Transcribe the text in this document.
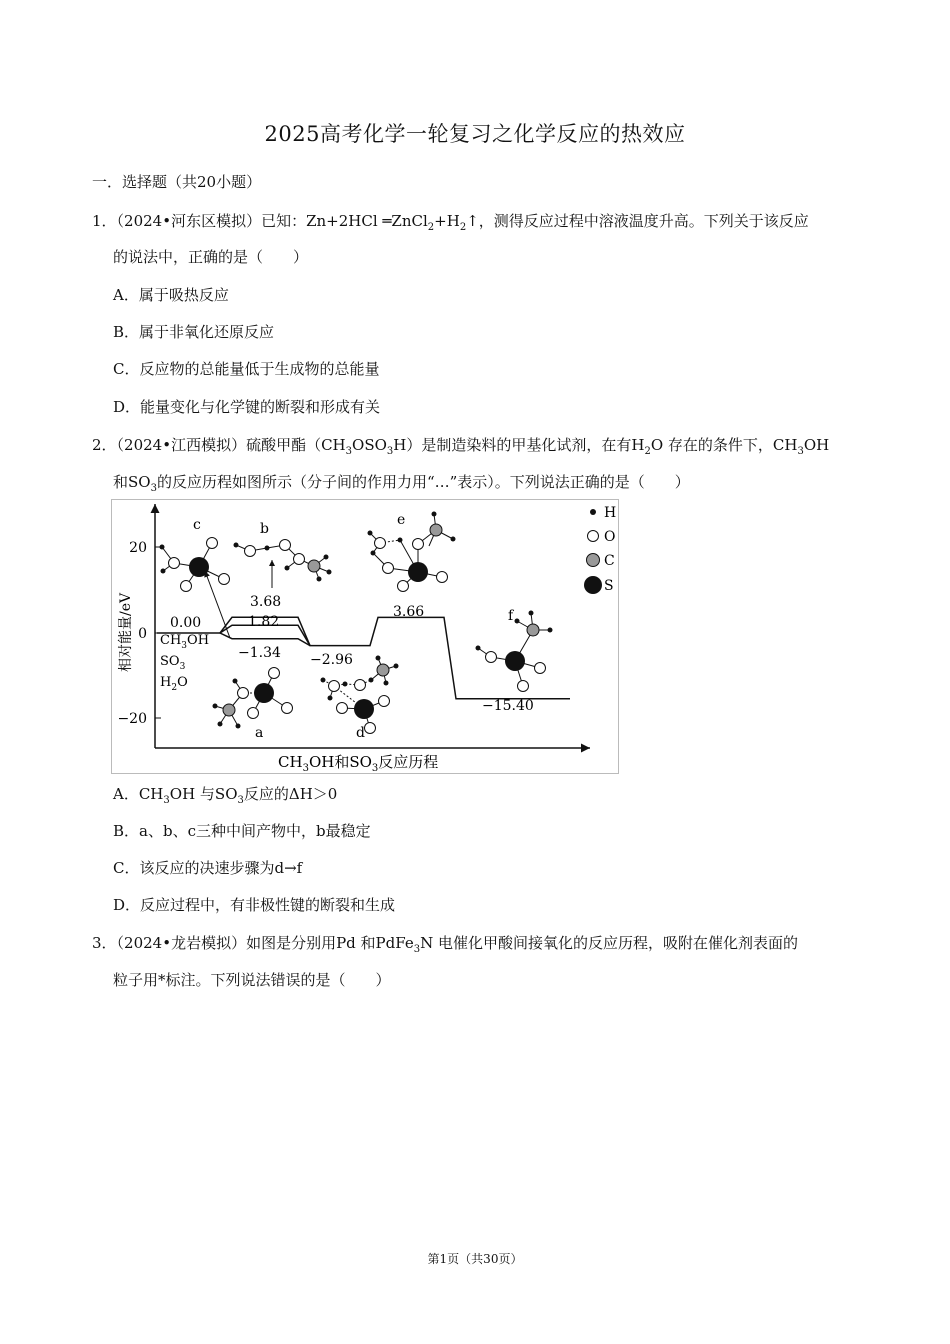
2025高考化学一轮复习之化学反应的热效应
一．选择题（共20小题）
1．（2024•河东区模拟）已知：Zn+2HCl $═ZnCl_2+H_2↑$，测得反应过程中溶液温度升高。下列关于该反应
的说法中，正确的是（　　）
A．属于吸热反应
B．属于非氧化还原反应
C．反应物的总能量低于生成物的总能量
D．能量变化与化学键的断裂和形成有关
2．（2024•江西模拟）硫酸甲酯$(CH_3OSO_3H)$是制造染料的甲基化试剂，在有$H_2O$ 存在的条件下，$CH_3OH$
和$SO_3$的反应历程如图所示（分子间的作用力用“…”表示）。下列说法正确的是（　　）
20
0
−20
相对能量/eV
$CH_3OH$和$SO_3$反应历程
0.00
$CH_3OH$
$SO_3$
$H_2O$
3.68
1.82
−1.34 −2.96
3.66
−15.40
c	b
e
a	d
f
H
O
C
S
A．$CH_3OH$ 与$SO_3$反应的ΔH＞0
B．a、b、c三种中间产物中，b最稳定
C．该反应的决速步骤为d→f
D．反应过程中，有非极性键的断裂和生成
3．（2024•龙岩模拟）如图是分别用Pd 和PdFe$_3$N 电催化甲酸间接氧化的反应历程，吸附在催化剂表面的
粒子用*标注。下列说法错误的是（　　）
第1页（共30页）
